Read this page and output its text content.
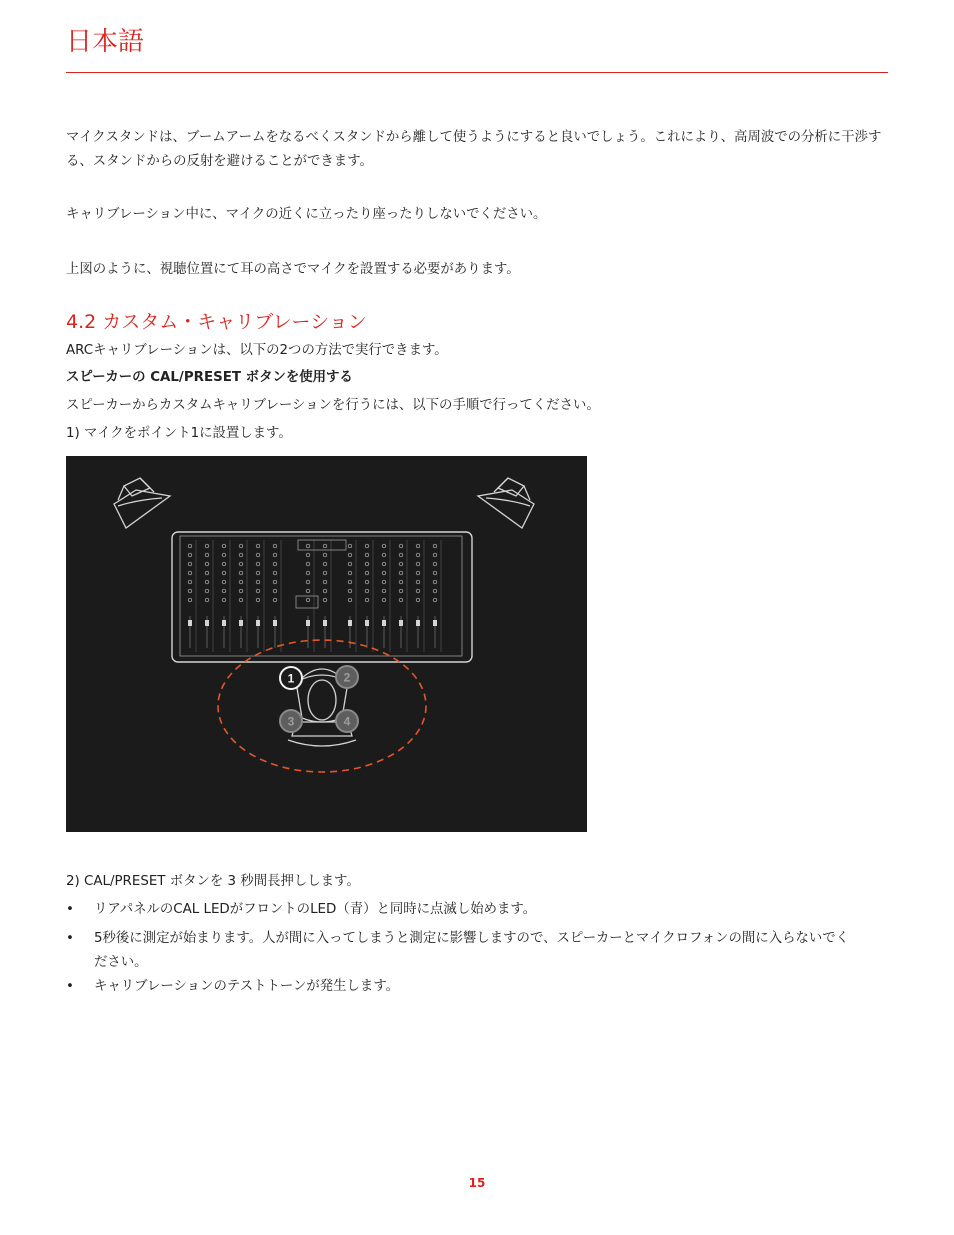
日本語

マイクスタンドは、ブームアームをなるべくスタンドから離して使うようにすると良いでしょう。これにより、高周波での分析に干渉す
る、スタンドからの反射を避けることができます。

キャリブレーション中に、マイクの近くに立ったり座ったりしないでください。

上図のように、視聴位置にて耳の高さでマイクを設置する必要があります。

4.2 カスタム・キャリブレーション

ARCキャリブレーションは、以下の2つの方法で実行できます。

スピーカーの CAL/PRESET ボタンを使用する

スピーカーからカスタムキャリブレーションを行うには、以下の手順で行ってください。

1) マイクをポイント1に設置します。

1	2
3	4

2) CAL/PRESET ボタンを 3 秒間長押しします。

• リアパネルのCAL LEDがフロントのLED（青）と同時に点滅し始めます。
• 5秒後に測定が始まります。人が間に入ってしまうと測定に影響しますので、スピーカーとマイクロフォンの間に入らないでく
ださい。
• キャリブレーションのテストトーンが発生します。
15
